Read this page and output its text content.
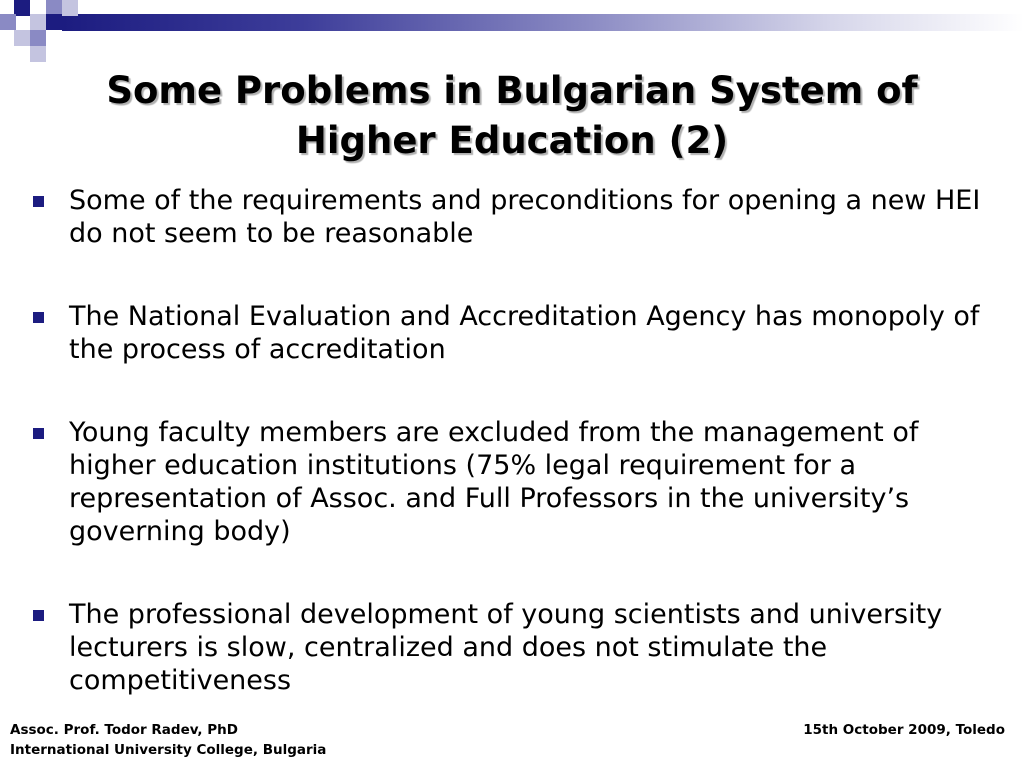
Some Problems in Bulgarian System of
Higher Education (2)
Some of the requirements and preconditions for opening a new HEI do not seem to be reasonable
The National Evaluation and Accreditation Agency has monopoly of the process of accreditation
Young faculty members are excluded from the management of higher education institutions (75% legal requirement for a representation of Assoc. and Full Professors in the university’s governing body)
The professional development of young scientists and university lecturers is slow, centralized and does not stimulate the competitiveness
Assoc. Prof. Todor Radev, PhD
International University College, Bulgaria
15th October 2009, Toledo
